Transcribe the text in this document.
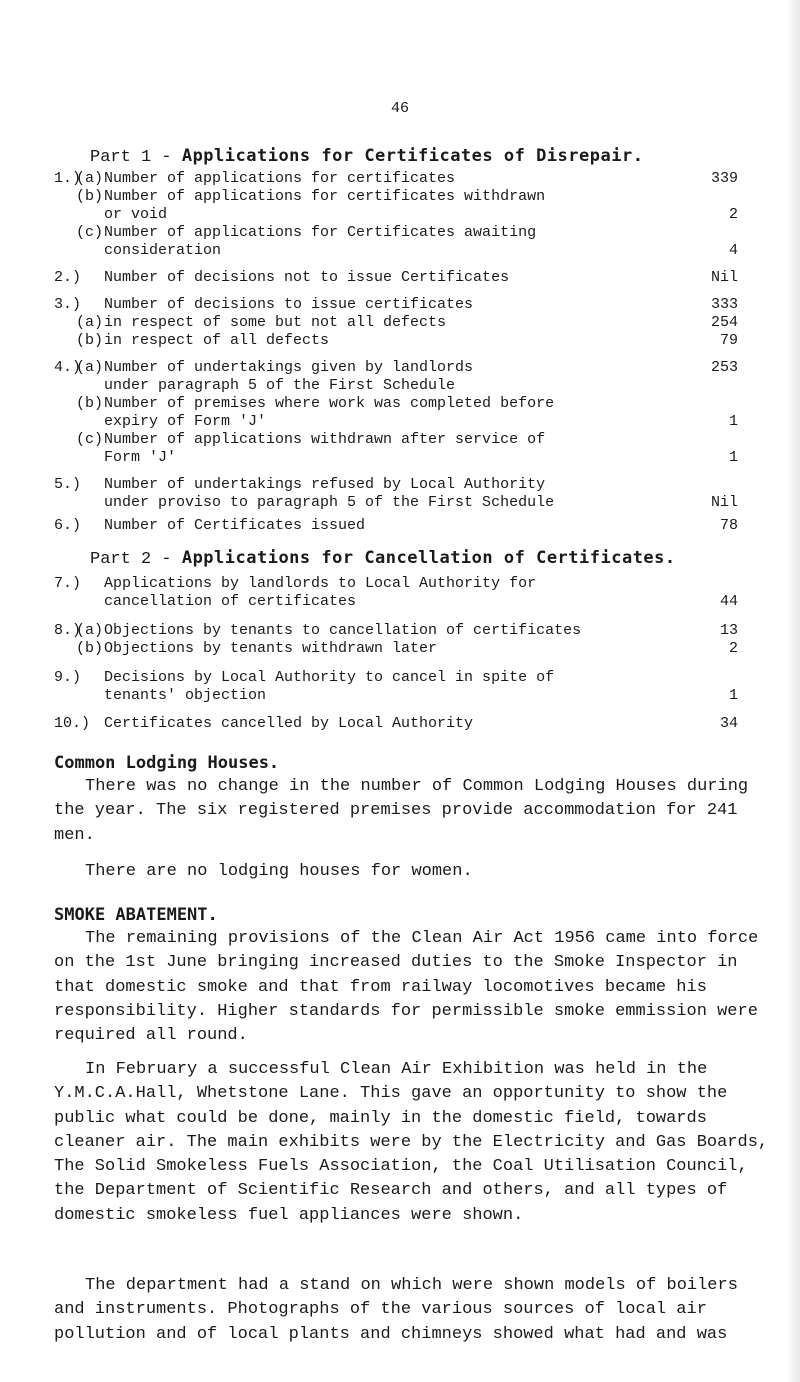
46
Part 1 - Applications for Certificates of Disrepair.
1.)
(a) Number of applications for certificates	339
(b) Number of applications for certificates withdrawn
or void	2
(c) Number of applications for Certificates awaiting
consideration	4
2.) Number of decisions not to issue Certificates	Nil
3.) Number of decisions to issue certificates	333
(a) in respect of some but not all defects	254
(b) in respect of all defects	79
4.)
(a) Number of undertakings given by landlords	253
under paragraph 5 of the First Schedule
(b) Number of premises where work was completed before
expiry of Form 'J'	1
(c) Number of applications withdrawn after service of
Form 'J'	1
5.) Number of undertakings refused by Local Authority
under proviso to paragraph 5 of the First Schedule	Nil
6.) Number of Certificates issued	78
Part 2 - Applications for Cancellation of Certificates.
7.) Applications by landlords to Local Authority for
cancellation of certificates	44
8.)
(a) Objections by tenants to cancellation of certificates	13
(b) Objections by tenants withdrawn later	2
9.) Decisions by Local Authority to cancel in spite of
tenants' objection	1
10.) Certificates cancelled by Local Authority	34
Common Lodging Houses.

There was no change in the number of Common Lodging Houses during the year. The six registered premises provide accommodation for 241 men.

There are no lodging houses for women.

SMOKE ABATEMENT.

The remaining provisions of the Clean Air Act 1956 came into force on the 1st June bringing increased duties to the Smoke Inspector in that domestic smoke and that from railway locomotives became his responsibility. Higher standards for permissible smoke emmission were required all round.

In February a successful Clean Air Exhibition was held in the Y.M.C.A.Hall, Whetstone Lane. This gave an opportunity to show the public what could be done, mainly in the domestic field, towards cleaner air. The main exhibits were by the Electricity and Gas Boards, The Solid Smokeless Fuels Association, the Coal Utilisation Council, the Department of Scientific Research and others, and all types of domestic smokeless fuel appliances were shown.

The department had a stand on which were shown models of boilers and instruments. Photographs of the various sources of local air pollution and of local plants and chimneys showed what had and was
